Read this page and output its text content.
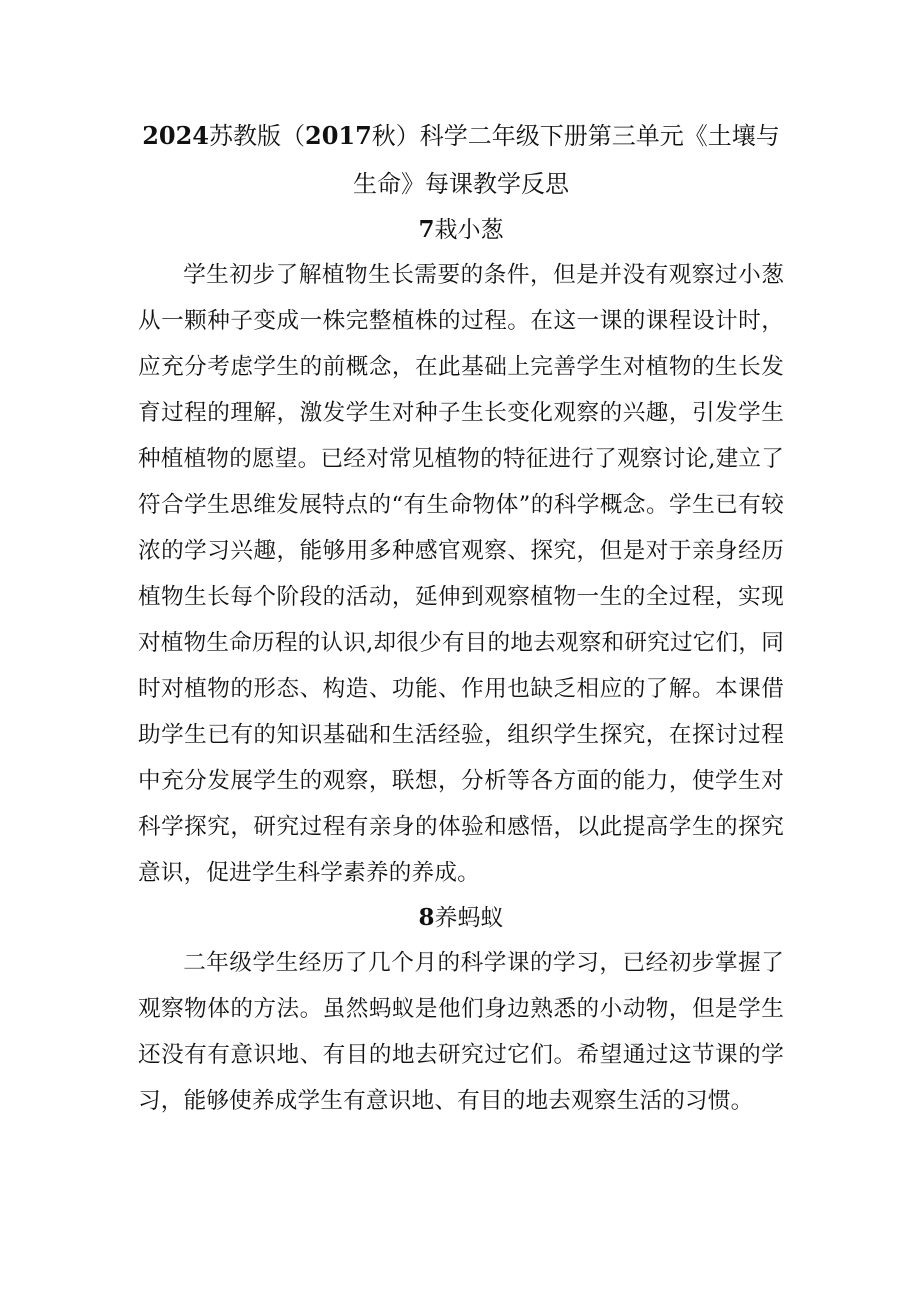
2024苏教版（2017秋）科学二年级下册第三单元《土壤与
生命》每课教学反思
7栽小葱

学生初步了解植物生长需要的条件，但是并没有观察过小葱从一颗种子变成一株完整植株的过程。在这一课的课程设计时，应充分考虑学生的前概念，在此基础上完善学生对植物的生长发育过程的理解，激发学生对种子生长变化观察的兴趣，引发学生种植植物的愿望。已经对常见植物的特征进行了观察讨论,建立了符合学生思维发展特点的“有生命物体”的科学概念。学生已有较浓的学习兴趣，能够用多种感官观察、探究，但是对于亲身经历植物生长每个阶段的活动，延伸到观察植物一生的全过程，实现对植物生命历程的认识,却很少有目的地去观察和研究过它们，同时对植物的形态、构造、功能、作用也缺乏相应的了解。本课借助学生已有的知识基础和生活经验，组织学生探究，在探讨过程中充分发展学生的观察，联想，分析等各方面的能力，使学生对科学探究，研究过程有亲身的体验和感悟，以此提高学生的探究意识，促进学生科学素养的养成。

8养蚂蚁

二年级学生经历了几个月的科学课的学习，已经初步掌握了观察物体的方法。虽然蚂蚁是他们身边熟悉的小动物，但是学生还没有有意识地、有目的地去研究过它们。希望通过这节课的学习，能够使养成学生有意识地、有目的地去观察生活的习惯。
